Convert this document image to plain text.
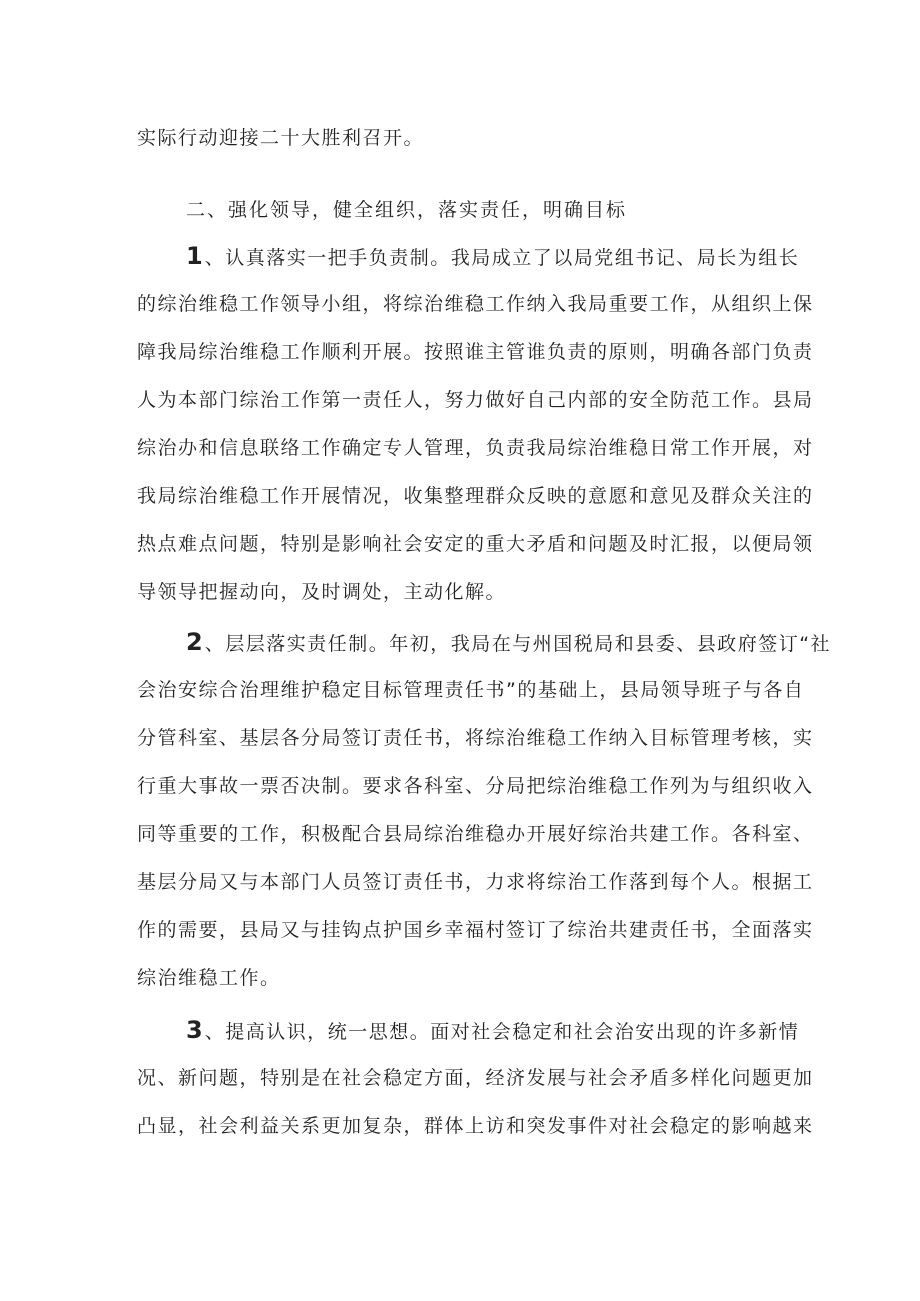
实际行动迎接二十大胜利召开。
二、强化领导，健全组织，落实责任，明确目标
1 、认真落实一把手负责制。我局成立了以局党组书记、局长为组长
的综治维稳工作领导小组，将综治维稳工作纳入我局重要工作，从组织上保
障我局综治维稳工作顺利开展。按照谁主管谁负责的原则，明确各部门负责
人为本部门综治工作第一责任人，努力做好自己内部的安全防范工作。县局
综治办和信息联络工作确定专人管理，负责我局综治维稳日常工作开展，对
我局综治维稳工作开展情况，收集整理群众反映的意愿和意见及群众关注的
热点难点问题，特别是影响社会安定的重大矛盾和问题及时汇报，以便局领
导领导把握动向，及时调处，主动化解。
2 、层层落实责任制。年初，我局在与州国税局和县委、县政府签订“社
会治安综合治理维护稳定目标管理责任书”的基础上，县局领导班子与各自
分管科室、基层各分局签订责任书，将综治维稳工作纳入目标管理考核，实
行重大事故一票否决制。要求各科室、分局把综治维稳工作列为与组织收入
同等重要的工作，积极配合县局综治维稳办开展好综治共建工作。各科室、
基层分局又与本部门人员签订责任书，力求将综治工作落到每个人。根据工
作的需要，县局又与挂钩点护国乡幸福村签订了综治共建责任书，全面落实
综治维稳工作。
3 、提高认识，统一思想。面对社会稳定和社会治安出现的许多新情
况、新问题，特别是在社会稳定方面，经济发展与社会矛盾多样化问题更加
凸显，社会利益关系更加复杂，群体上访和突发事件对社会稳定的影响越来
